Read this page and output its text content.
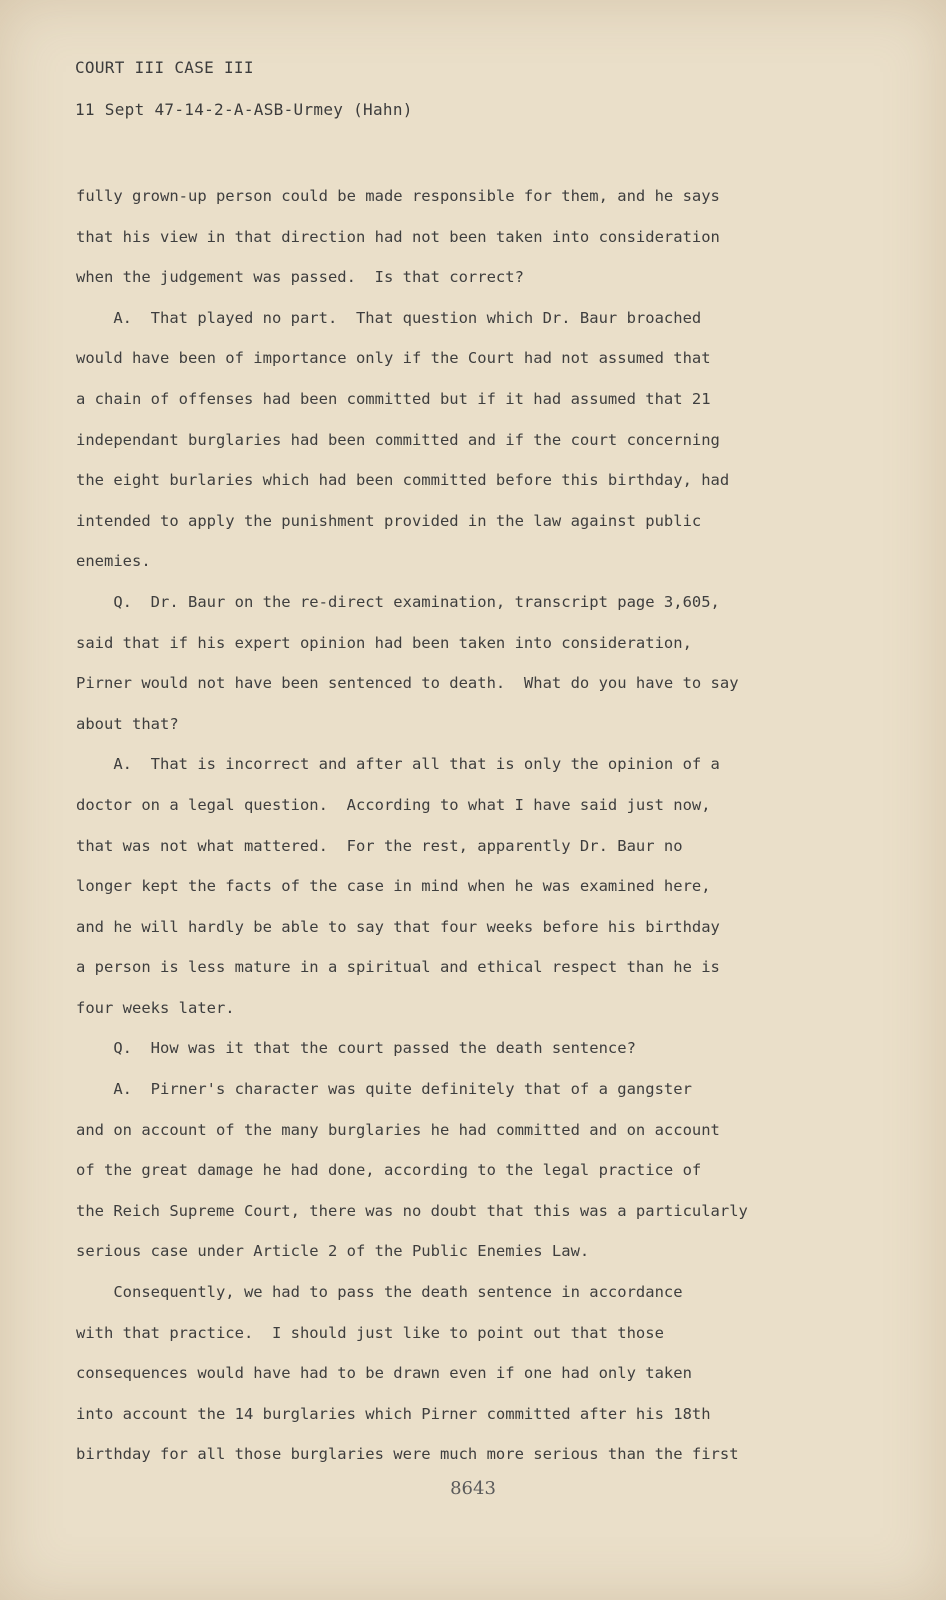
COURT III CASE III
11 Sept 47-14-2-A-ASB-Urmey (Hahn)
fully grown-up person could be made responsible for them, and he says
that his view in that direction had not been taken into consideration
when the judgement was passed.  Is that correct?
A.  That played no part.  That question which Dr. Baur broached
would have been of importance only if the Court had not assumed that
a chain of offenses had been committed but if it had assumed that 21
independant burglaries had been committed and if the court concerning
the eight burlaries which had been committed before this birthday, had
intended to apply the punishment provided in the law against public
enemies.
Q.  Dr. Baur on the re-direct examination, transcript page 3,605,
said that if his expert opinion had been taken into consideration,
Pirner would not have been sentenced to death.  What do you have to say
about that?
A.  That is incorrect and after all that is only the opinion of a
doctor on a legal question.  According to what I have said just now,
that was not what mattered.  For the rest, apparently Dr. Baur no
longer kept the facts of the case in mind when he was examined here,
and he will hardly be able to say that four weeks before his birthday
a person is less mature in a spiritual and ethical respect than he is
four weeks later.
Q.  How was it that the court passed the death sentence?
A.  Pirner's character was quite definitely that of a gangster
and on account of the many burglaries he had committed and on account
of the great damage he had done, according to the legal practice of
the Reich Supreme Court, there was no doubt that this was a particularly
serious case under Article 2 of the Public Enemies Law.
Consequently, we had to pass the death sentence in accordance
with that practice.  I should just like to point out that those
consequences would have had to be drawn even if one had only taken
into account the 14 burglaries which Pirner committed after his 18th
birthday for all those burglaries were much more serious than the first
8643
